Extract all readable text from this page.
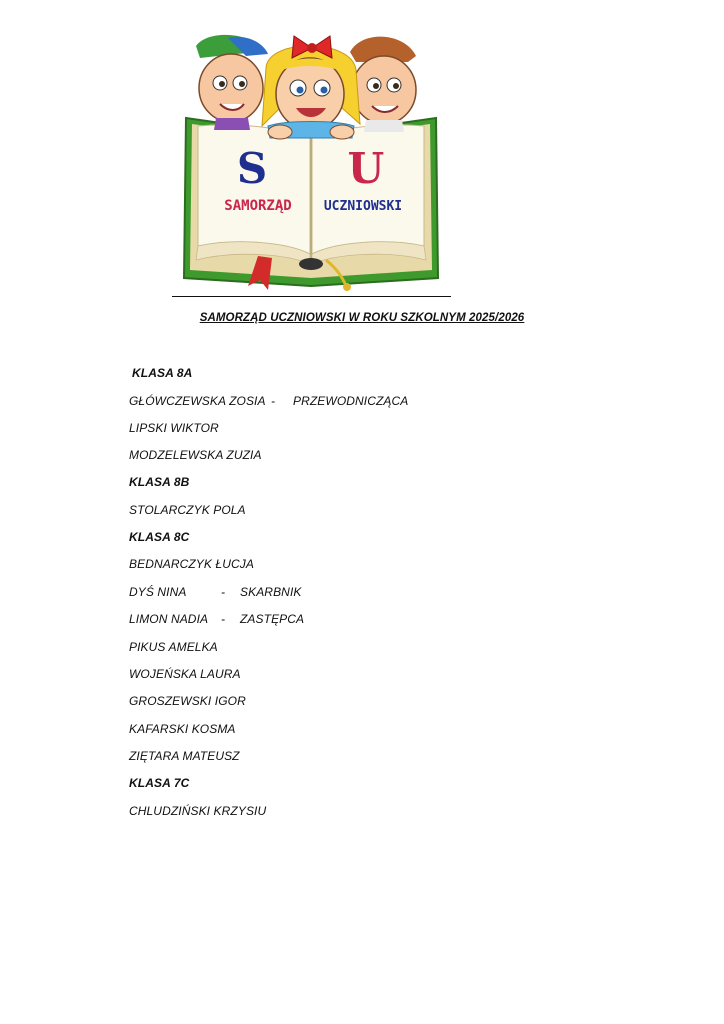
S U
SAMORZĄD UCZNIOWSKI
SAMORZĄD UCZNIOWSKI W ROKU SZKOLNYM 2025/2026
KLASA 8A
GŁÓWCZEWSKA ZOSIA - PRZEWODNICZĄCA
LIPSKI WIKTOR
MODZELEWSKA ZUZIA
KLASA 8B
STOLARCZYK POLA
KLASA 8C
BEDNARCZYK ŁUCJA
DYŚ NINA	- SKARBNIK
LIMON NADIA - ZASTĘPCA
PIKUS AMELKA
WOJEŃSKA LAURA
GROSZEWSKI IGOR
KAFARSKI KOSMA
ZIĘTARA MATEUSZ
KLASA 7C
CHLUDZIŃSKI KRZYSIU
